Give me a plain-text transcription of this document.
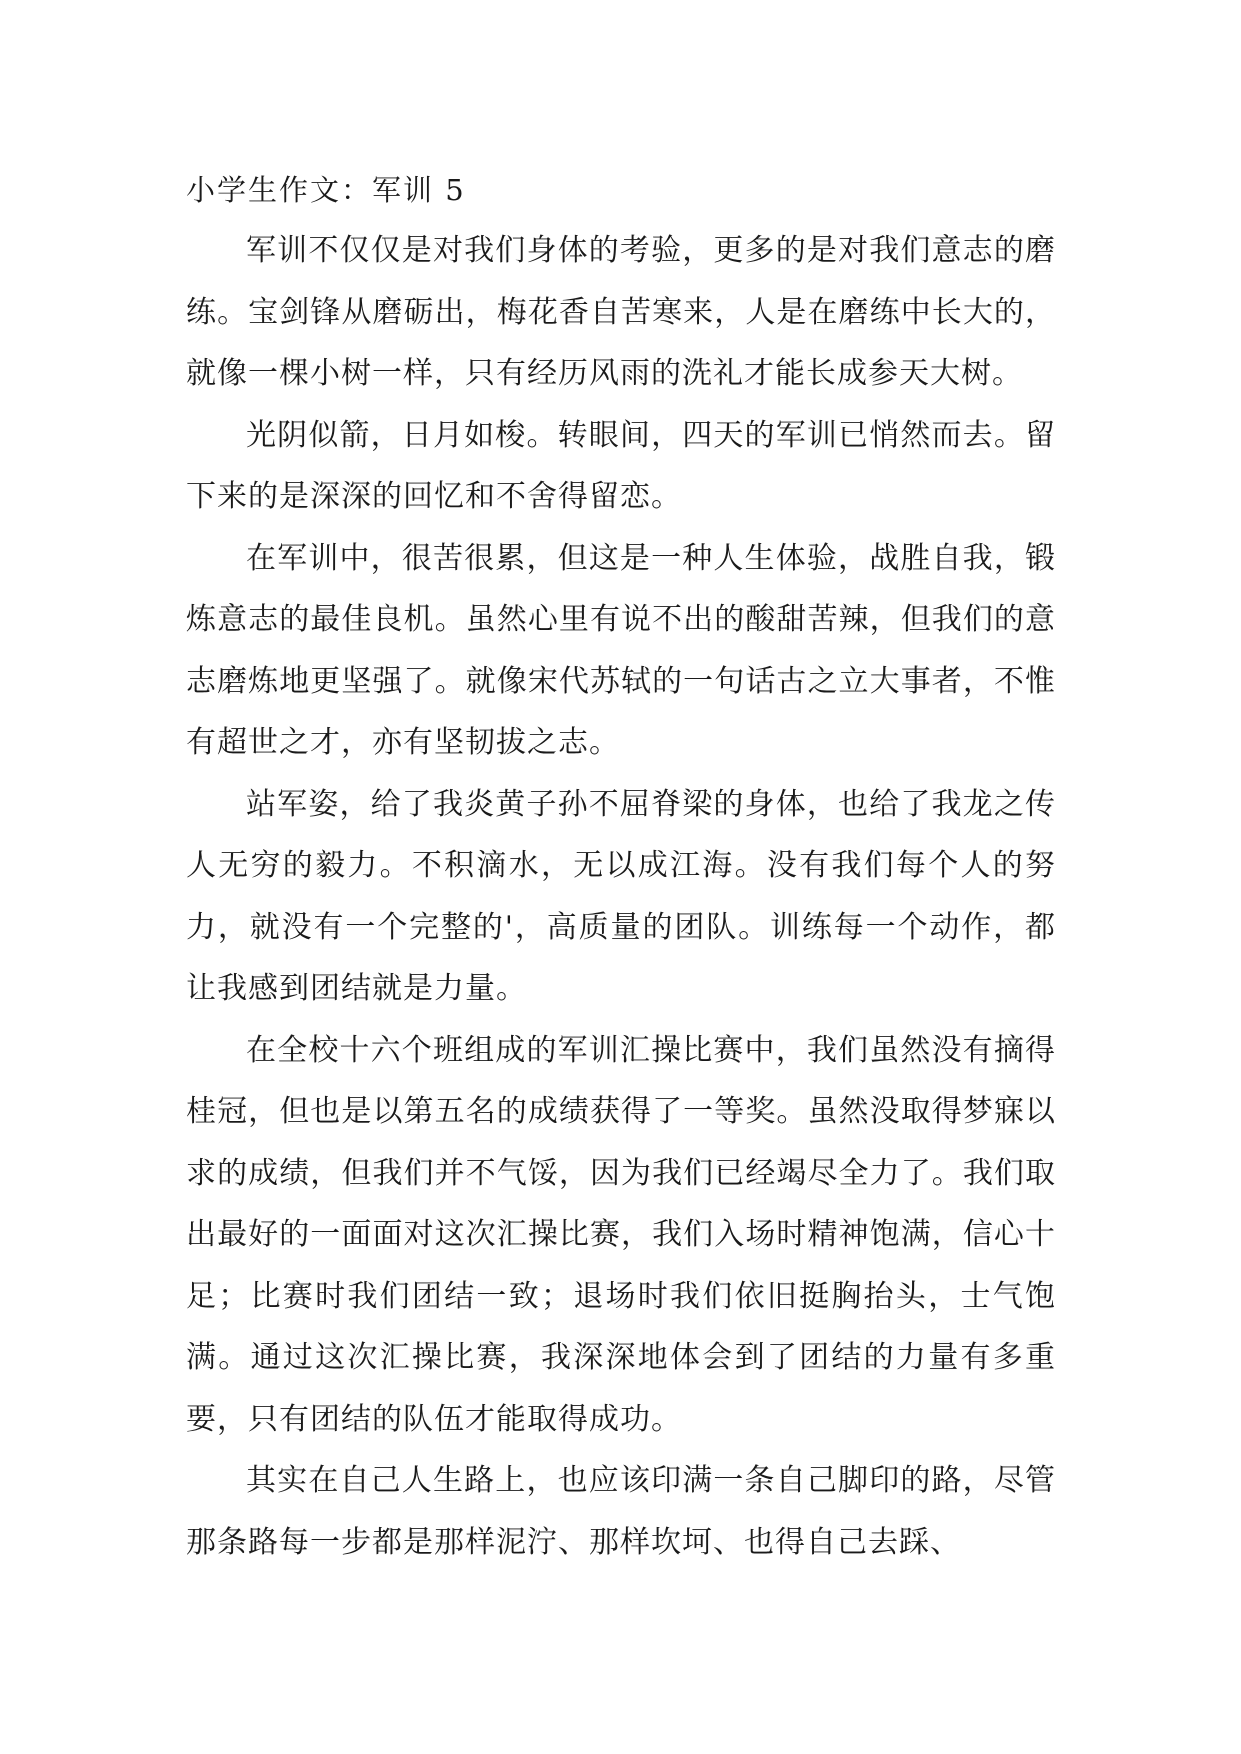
小学生作文：军训 5

军训不仅仅是对我们身体的考验，更多的是对我们意志的磨练。宝剑锋从磨砺出，梅花香自苦寒来，人是在磨练中长大的，就像一棵小树一样，只有经历风雨的洗礼才能长成参天大树。

光阴似箭，日月如梭。转眼间，四天的军训已悄然而去。留下来的是深深的回忆和不舍得留恋。

在军训中，很苦很累，但这是一种人生体验，战胜自我，锻炼意志的最佳良机。虽然心里有说不出的酸甜苦辣，但我们的意志磨炼地更坚强了。就像宋代苏轼的一句话古之立大事者，不惟有超世之才，亦有坚韧拔之志。

站军姿，给了我炎黄子孙不屈脊梁的身体，也给了我龙之传人无穷的毅力。不积滴水，无以成江海。没有我们每个人的努力，就没有一个完整的'，高质量的团队。训练每一个动作，都让我感到团结就是力量。

在全校十六个班组成的军训汇操比赛中，我们虽然没有摘得桂冠，但也是以第五名的成绩获得了一等奖。虽然没取得梦寐以求的成绩，但我们并不气馁，因为我们已经竭尽全力了。我们取出最好的一面面对这次汇操比赛，我们入场时精神饱满，信心十足；比赛时我们团结一致；退场时我们依旧挺胸抬头，士气饱满。通过这次汇操比赛，我深深地体会到了团结的力量有多重要，只有团结的队伍才能取得成功。

其实在自己人生路上，也应该印满一条自己脚印的路，尽管那条路每一步都是那样泥泞、那样坎坷、也得自己去踩、
